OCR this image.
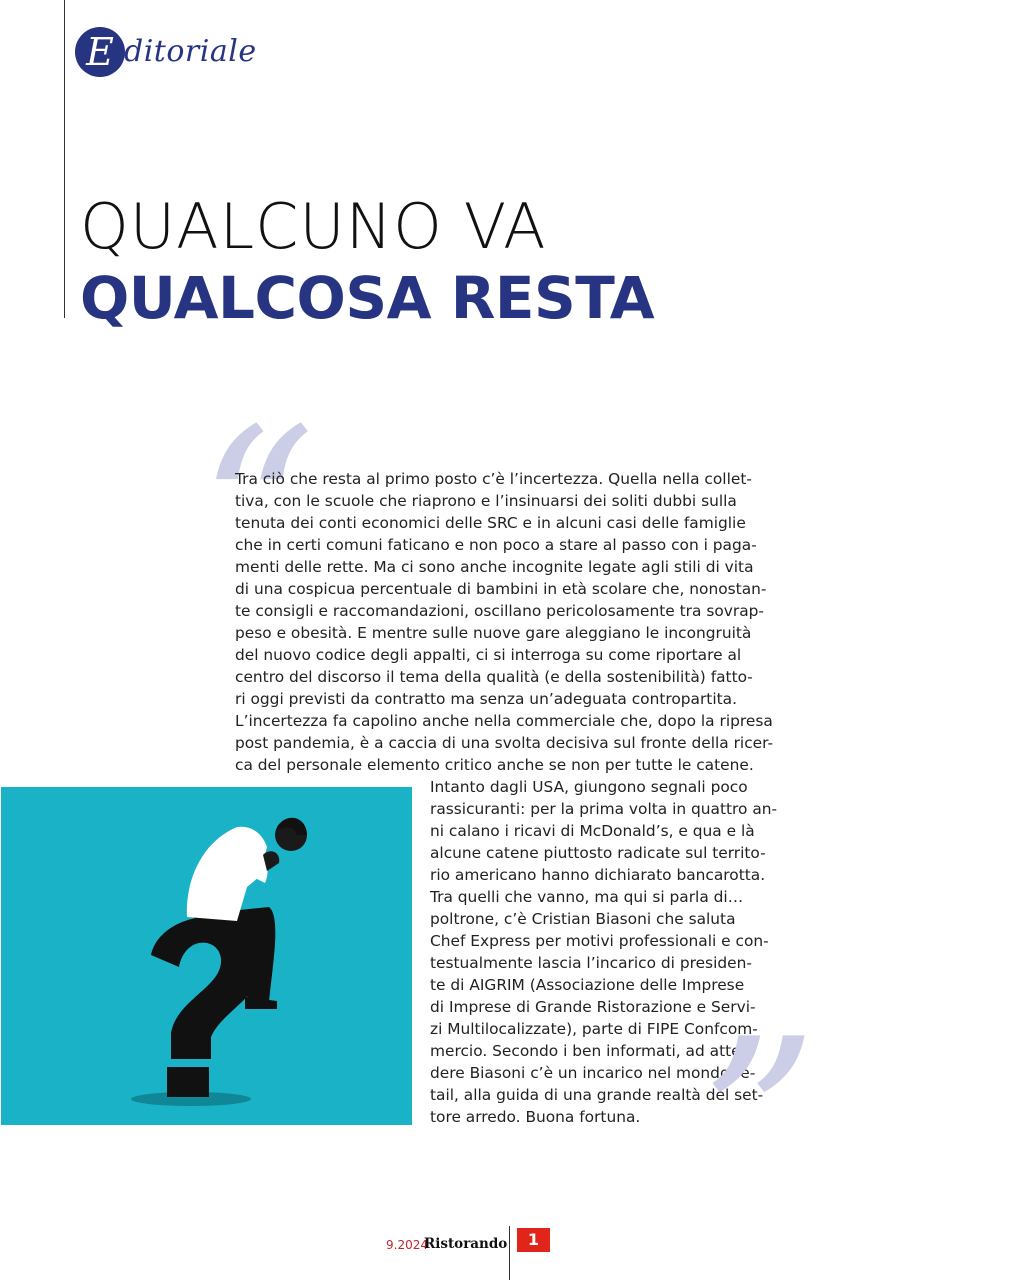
E ditoriale
QUALCUNO VA
QUALCOSA RESTA
“

Tra ciò che resta al primo posto c’è l’incertezza. Quella nella collet-
tiva, con le scuole che riaprono e l’insinuarsi dei soliti dubbi sulla
tenuta dei conti economici delle SRC e in alcuni casi delle famiglie
che in certi comuni faticano e non poco a stare al passo con i paga-
menti delle rette. Ma ci sono anche incognite legate agli stili di vita
di una cospicua percentuale di bambini in età scolare che, nonostan-
te consigli e raccomandazioni, oscillano pericolosamente tra sovrap-
peso e obesità. E mentre sulle nuove gare aleggiano le incongruità
del nuovo codice degli appalti, ci si interroga su come riportare al
centro del discorso il tema della qualità (e della sostenibilità) fatto-
ri oggi previsti da contratto ma senza un’adeguata contropartita.
L’incertezza fa capolino anche nella commerciale che, dopo la ripresa
post pandemia, è a caccia di una svolta decisiva sul fronte della ricer-
ca del personale elemento critico anche se non per tutte le catene.

Intanto dagli USA, giungono segnali poco
rassicuranti: per la prima volta in quattro an-
ni calano i ricavi di McDonald’s, e qua e là
alcune catene piuttosto radicate sul territo-
rio americano hanno dichiarato bancarotta.
Tra quelli che vanno, ma qui si parla di…
poltrone, c’è Cristian Biasoni che saluta
Chef Express per motivi professionali e con-
testualmente lascia l’incarico di presiden-
te di AIGRIM (Associazione delle Imprese
di Imprese di Grande Ristorazione e Servi-
zi Multilocalizzate), parte di FIPE Confcom-
mercio. Secondo i ben informati, ad atten-
dere Biasoni c’è un incarico nel mondo re-
tail, alla guida di una grande realtà del set-
tore arredo. Buona fortuna. ”
9.2024
Ristorando	1
